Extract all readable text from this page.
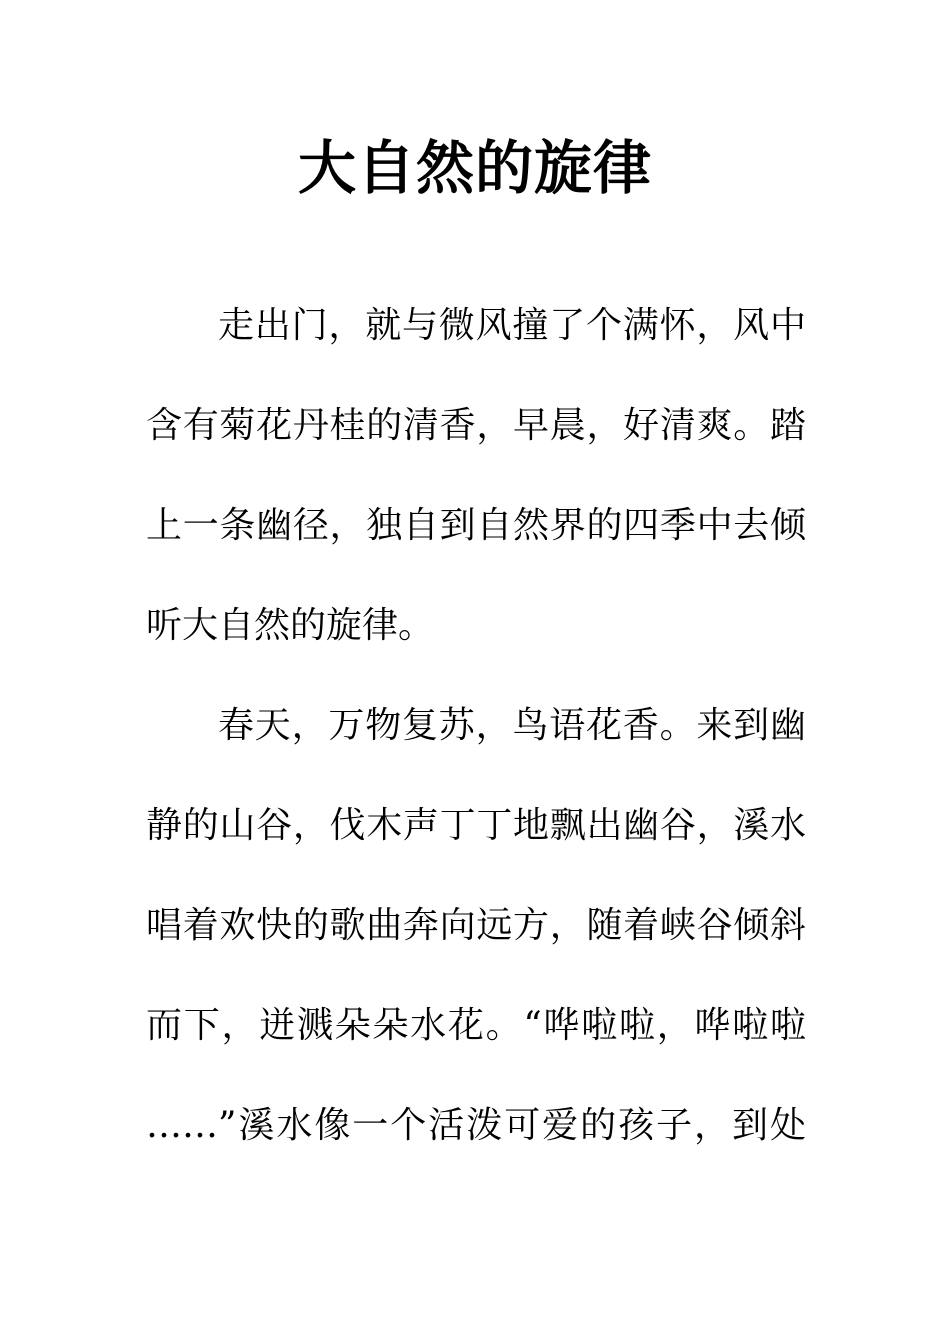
大自然的旋律

走出门，就与微风撞了个满怀，风中

含有菊花丹桂的清香，早晨，好清爽。踏

上一条幽径，独自到自然界的四季中去倾

听大自然的旋律。

春天，万物复苏，鸟语花香。来到幽

静的山谷，伐木声丁丁地飘出幽谷，溪水

唱着欢快的歌曲奔向远方，随着峡谷倾斜

而下，迸溅朵朵水花。“哗啦啦，哗啦啦

……”溪水像一个活泼可爱的孩子，到处
